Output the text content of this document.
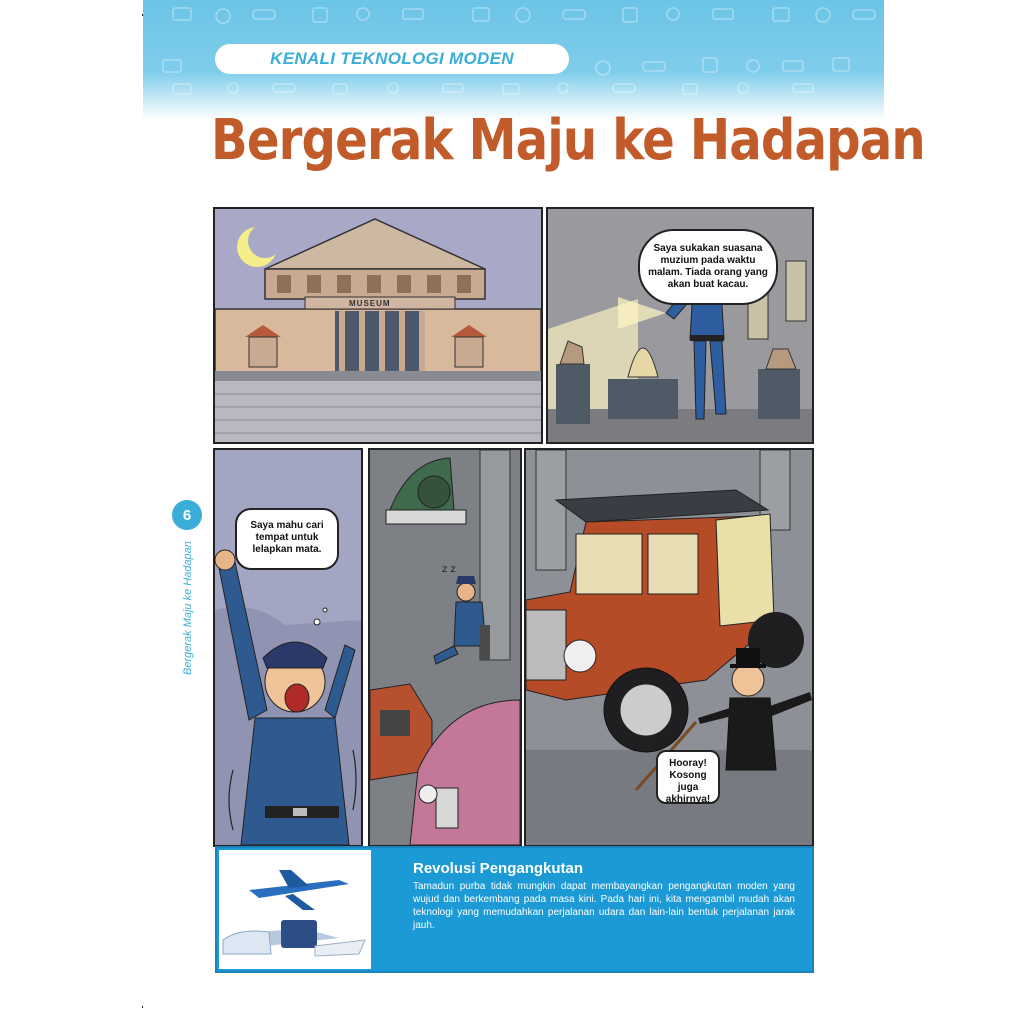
KENALI TEKNOLOGI MODEN
Bergerak Maju ke Hadapan
6
Bergerak Maju ke Hadapan
MUSEUM
Saya sukakan suasana muzium pada waktu malam. Tiada orang yang akan buat kacau.
Saya mahu cari tempat untuk lelapkan mata.
z z
Hooray! Kosong juga akhirnya!
Revolusi Pengangkutan
Tamadun purba tidak mungkin dapat membayangkan pengangkutan moden yang wujud dan berkembang pada masa kini. Pada hari ini, kita mengambil mudah akan teknologi yang memudahkan perjalanan udara dan lain-lain bentuk perjalanan jarak jauh.
